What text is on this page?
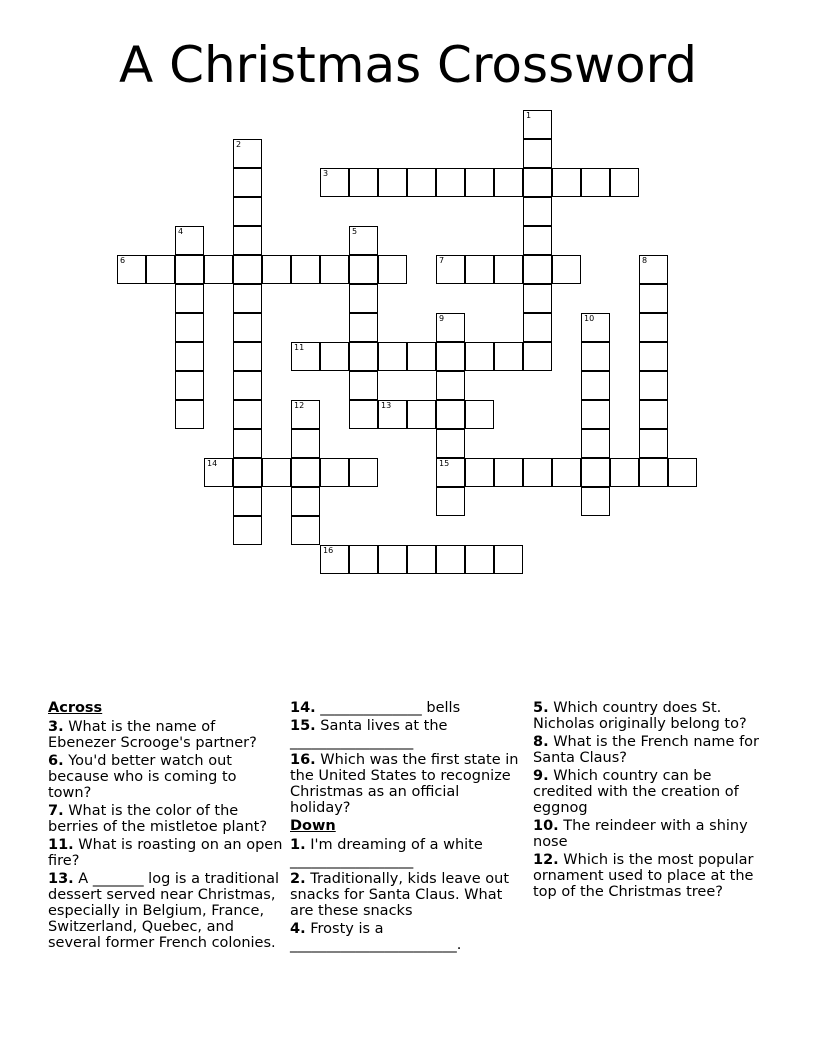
A Christmas Crossword
1
2
3
4	5
6	7	8
9
15
10
11
12	13
14
16
Across
3. What is the name of Ebenezer Scrooge's partner?
6. You'd better watch out because who is coming to town?
7. What is the color of the berries of the mistletoe plant?
11. What is roasting on an open fire?
13. A _______ log is a traditional dessert served near Christmas, especially in Belgium, France, Switzerland, Quebec, and several former French colonies.
14. ______________ bells
15. Santa lives at the _________________
16. Which was the first state in the United States to recognize Christmas as an official holiday?
Down
1. I'm dreaming of a white _________________
2. Traditionally, kids leave out snacks for Santa Claus. What are these snacks
4. Frosty is a _______________________.
5. Which country does St. Nicholas originally belong to?
8. What is the French name for Santa Claus?
9. Which country can be credited with the creation of eggnog
10. The reindeer with a shiny nose
12. Which is the most popular ornament used to place at the top of the Christmas tree?
